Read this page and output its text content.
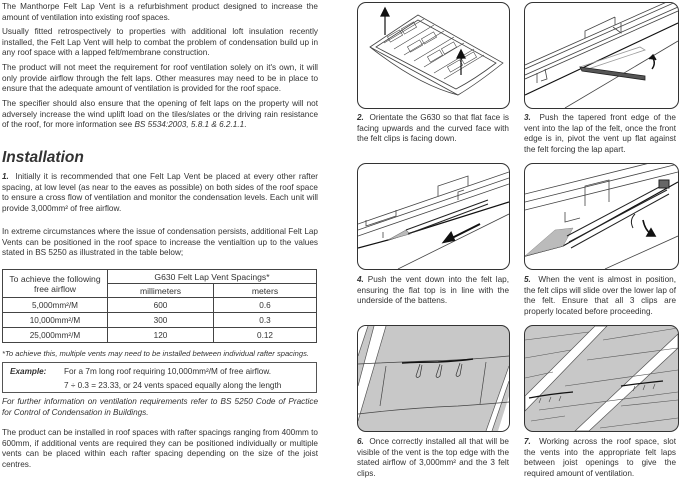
The Manthorpe Felt Lap Vent is a refurbishment product designed to increase the amount of ventilation into existing roof spaces.

Usually fitted retrospectively to properties with additional loft insulation recently installed, the Felt Lap Vent will help to combat the problem of condensation build up in any roof space with a lapped felt/membrane construction.

The product will not meet the requirement for roof ventilation solely on it's own, it will only provide airflow through the felt laps. Other measures may need to be in place to ensure that the adequate amount of ventilation is provided for the roof space.

The specifier should also ensure that the opening of felt laps on the property will not adversely increase the wind uplift load on the tiles/slates or the driving rain resistance of the roof, for more information see BS 5534:2003, 5.8.1 & 6.2.1.1.

Installation

1. Initially it is recommended that one Felt Lap Vent be placed at every other rafter spacing, at low level (as near to the eaves as possible) on both sides of the roof space to ensure a cross flow of ventilation and monitor the condensation levels. Each unit will provide 3,000mm² of free airflow.

In extreme circumstances where the issue of condensation persists, additional Felt Lap Vents can be positioned in the roof space to increase the ventialtion up to the values stated in BS 5250 as illustrated in the table below;

To achieve the following free airflow	G630 Felt Lap Vent Spacings*	
	millimeters	meters
5,000mm²/M	600	0.6
10,000mm²/M	300	0.3
25,000mm²/M	120	0.12

*To achieve this, multiple vents may need to be installed between individual rafter spacings.

Example: For a 7m long roof requiring 10,000mm²/M of free airflow.
7 ÷ 0.3 = 23.33, or 24 vents spaced equally along the length

For further information on ventilation requirements refer to BS 5250 Code of Practice for Control of Condensation in Buildings.

The product can be installed in roof spaces with rafter spacings ranging from 400mm to 600mm, if additional vents are required they can be positioned individually or multiple vents can be placed within each rafter spacing depending on the size of the joist centres.

2. Orientate the G630 so that flat face is facing upwards and the curved face with the felt clips is facing down.

3. Push the tapered front edge of the vent into the lap of the felt, once the front edge is in, pivot the vent up flat against the felt forcing the lap apart.

4. Push the vent down into the felt lap, ensuring the flat top is in line with the underside of the battens.

5. When the vent is almost in position, the felt clips will slide over the lower lap of the felt. Ensure that all 3 clips are properly located before proceeding.

6. Once correctly installed all that will be visible of the vent is the top edge with the stated airflow of 3,000mm² and the 3 felt clips.

7. Working across the roof space, slot the vents into the appropriate felt laps between joist openings to give the required amount of ventilation.
